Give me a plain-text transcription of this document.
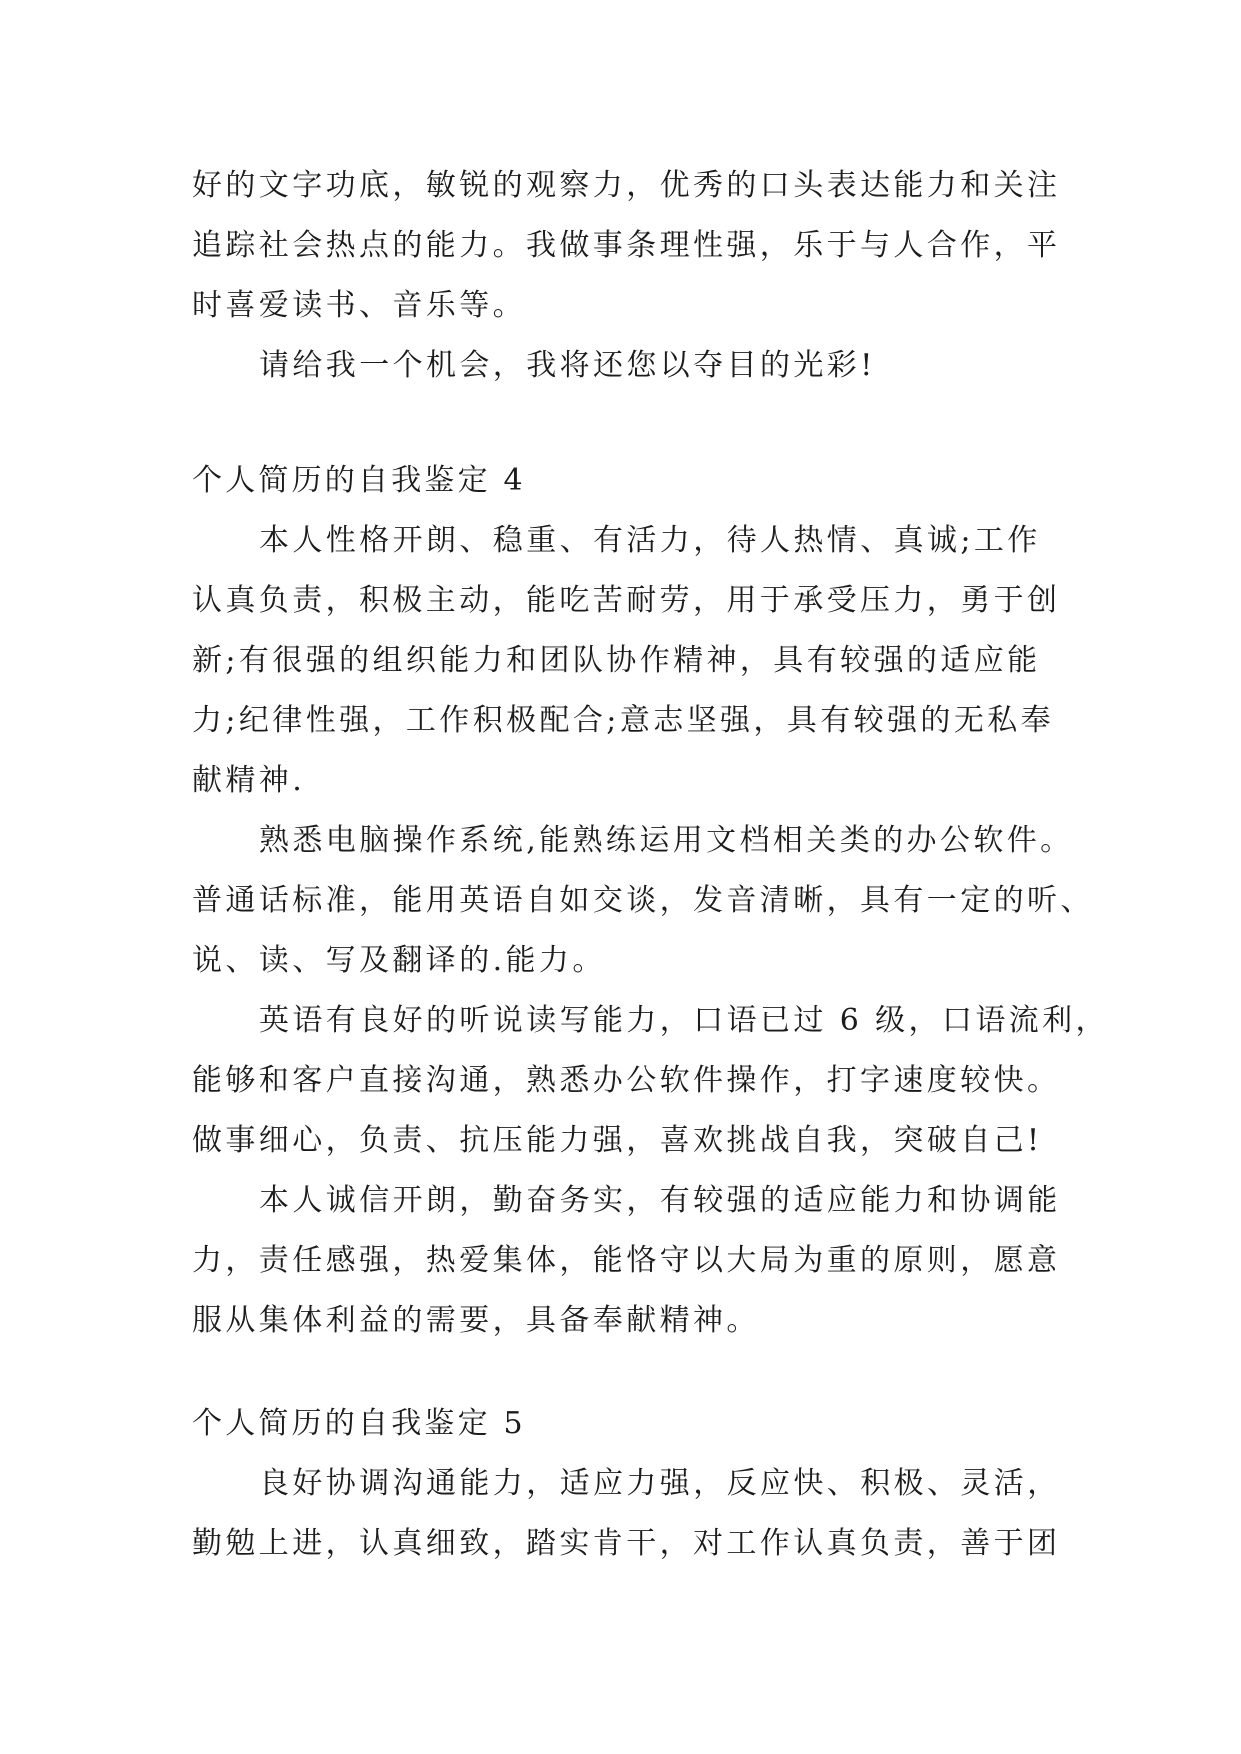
好的文字功底，敏锐的观察力，优秀的口头表达能力和关注
追踪社会热点的能力。我做事条理性强，乐于与人合作，平
时喜爱读书、音乐等。
请给我一个机会，我将还您以夺目的光彩!
个人简历的自我鉴定 4
本人性格开朗、稳重、有活力，待人热情、真诚;工作
认真负责，积极主动，能吃苦耐劳，用于承受压力，勇于创
新;有很强的组织能力和团队协作精神，具有较强的适应能
力;纪律性强，工作积极配合;意志坚强，具有较强的无私奉
献精神.
熟悉电脑操作系统,能熟练运用文档相关类的办公软件。
普通话标准，能用英语自如交谈，发音清晰，具有一定的听、
说、读、写及翻译的.能力。
英语有良好的听说读写能力，口语已过 6 级，口语流利，
能够和客户直接沟通，熟悉办公软件操作，打字速度较快。
做事细心，负责、抗压能力强，喜欢挑战自我，突破自己!
本人诚信开朗，勤奋务实，有较强的适应能力和协调能
力，责任感强，热爱集体，能恪守以大局为重的原则，愿意
服从集体利益的需要，具备奉献精神。
个人简历的自我鉴定 5
良好协调沟通能力，适应力强，反应快、积极、灵活，
勤勉上进，认真细致，踏实肯干，对工作认真负责，善于团
